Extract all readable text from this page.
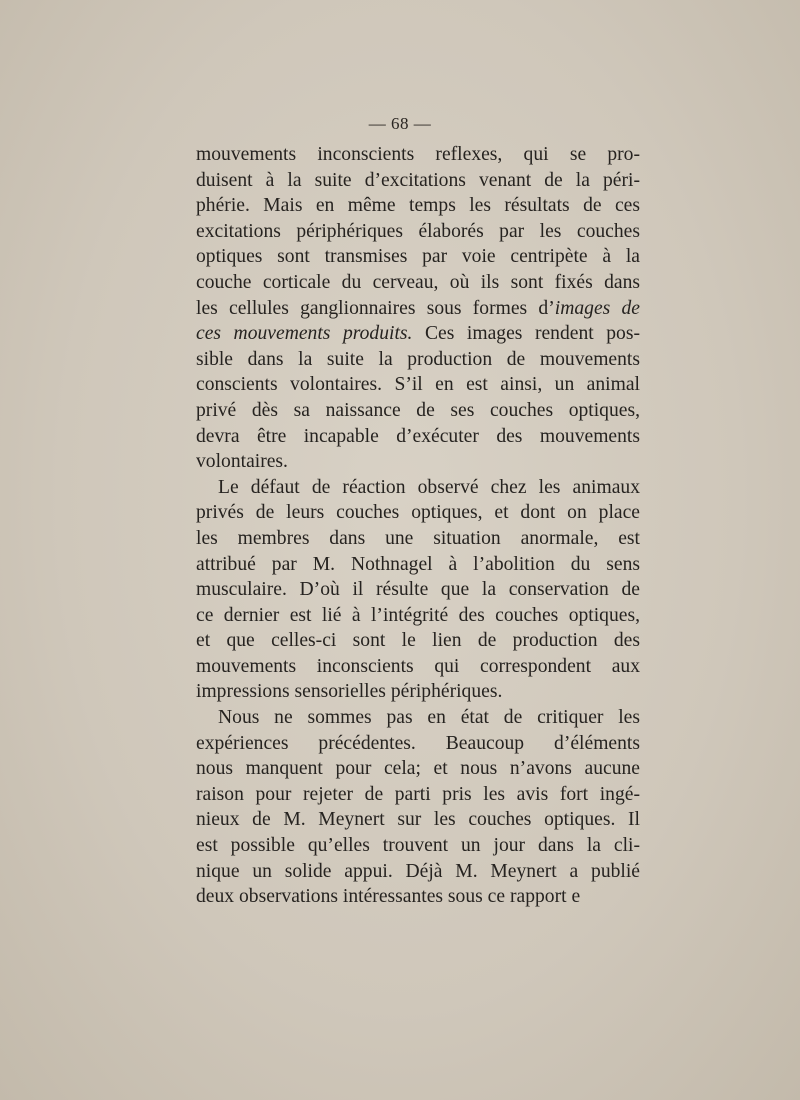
— 68 —
mouvements inconscients reflexes, qui se pro-
duisent à la suite d’excitations venant de la péri-
phérie. Mais en même temps les résultats de ces
excitations périphériques élaborés par les couches
optiques sont transmises par voie centripète à la
couche corticale du cerveau, où ils sont fixés dans
les cellules ganglionnaires sous formes d’images de
ces mouvements produits. Ces images rendent pos-
sible dans la suite la production de mouvements
conscients volontaires. S’il en est ainsi, un animal
privé dès sa naissance de ses couches optiques,
devra être incapable d’exécuter des mouvements
volontaires.
Le défaut de réaction observé chez les animaux
privés de leurs couches optiques, et dont on place
les membres dans une situation anormale, est
attribué par M. Nothnagel à l’abolition du sens
musculaire. D’où il résulte que la conservation de
ce dernier est lié à l’intégrité des couches optiques,
et que celles-ci sont le lien de production des
mouvements inconscients qui correspondent aux
impressions sensorielles périphériques.
Nous ne sommes pas en état de critiquer les
expériences précédentes. Beaucoup d’éléments
nous manquent pour cela; et nous n’avons aucune
raison pour rejeter de parti pris les avis fort ingé-
nieux de M. Meynert sur les couches optiques. Il
est possible qu’elles trouvent un jour dans la cli-
nique un solide appui. Déjà M. Meynert a publié
deux observations intéressantes sous ce rapport e
